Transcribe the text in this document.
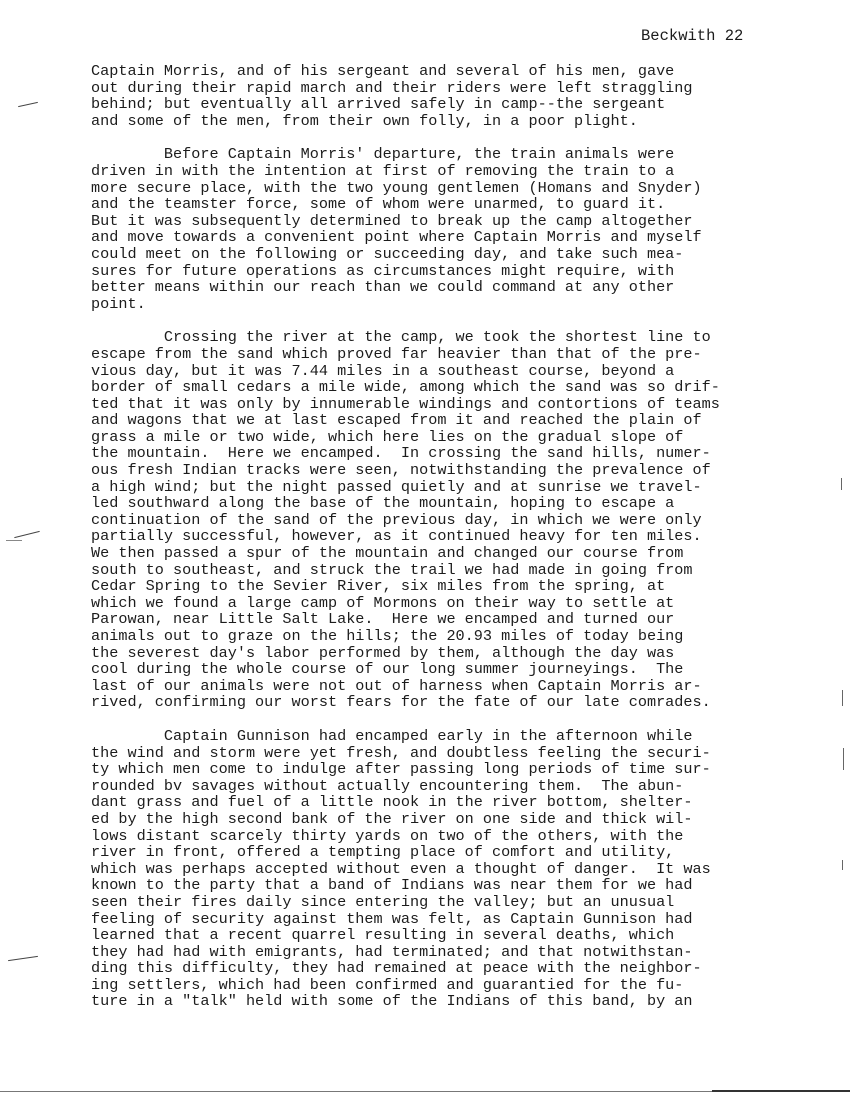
Beckwith 22
Captain Morris, and of his sergeant and several of his men, gave
out during their rapid march and their riders were left straggling
behind; but eventually all arrived safely in camp--the sergeant
and some of the men, from their own folly, in a poor plight.
Before Captain Morris' departure, the train animals were
driven in with the intention at first of removing the train to a
more secure place, with the two young gentlemen (Homans and Snyder)
and the teamster force, some of whom were unarmed, to guard it.
But it was subsequently determined to break up the camp altogether
and move towards a convenient point where Captain Morris and myself
could meet on the following or succeeding day, and take such mea-
sures for future operations as circumstances might require, with
better means within our reach than we could command at any other
point.
Crossing the river at the camp, we took the shortest line to
escape from the sand which proved far heavier than that of the pre-
vious day, but it was 7.44 miles in a southeast course, beyond a
border of small cedars a mile wide, among which the sand was so drif-
ted that it was only by innumerable windings and contortions of teams
and wagons that we at last escaped from it and reached the plain of
grass a mile or two wide, which here lies on the gradual slope of
the mountain.  Here we encamped.  In crossing the sand hills, numer-
ous fresh Indian tracks were seen, notwithstanding the prevalence of
a high wind; but the night passed quietly and at sunrise we travel-
led southward along the base of the mountain, hoping to escape a
continuation of the sand of the previous day, in which we were only
partially successful, however, as it continued heavy for ten miles.
We then passed a spur of the mountain and changed our course from
south to southeast, and struck the trail we had made in going from
Cedar Spring to the Sevier River, six miles from the spring, at
which we found a large camp of Mormons on their way to settle at
Parowan, near Little Salt Lake.  Here we encamped and turned our
animals out to graze on the hills; the 20.93 miles of today being
the severest day's labor performed by them, although the day was
cool during the whole course of our long summer journeyings.  The
last of our animals were not out of harness when Captain Morris ar-
rived, confirming our worst fears for the fate of our late comrades.
Captain Gunnison had encamped early in the afternoon while
the wind and storm were yet fresh, and doubtless feeling the securi-
ty which men come to indulge after passing long periods of time sur-
rounded bv savages without actually encountering them.  The abun-
dant grass and fuel of a little nook in the river bottom, shelter-
ed by the high second bank of the river on one side and thick wil-
lows distant scarcely thirty yards on two of the others, with the
river in front, offered a tempting place of comfort and utility,
which was perhaps accepted without even a thought of danger.  It was
known to the party that a band of Indians was near them for we had
seen their fires daily since entering the valley; but an unusual
feeling of security against them was felt, as Captain Gunnison had
learned that a recent quarrel resulting in several deaths, which
they had had with emigrants, had terminated; and that notwithstan-
ding this difficulty, they had remained at peace with the neighbor-
ing settlers, which had been confirmed and guarantied for the fu-
ture in a "talk" held with some of the Indians of this band, by an
